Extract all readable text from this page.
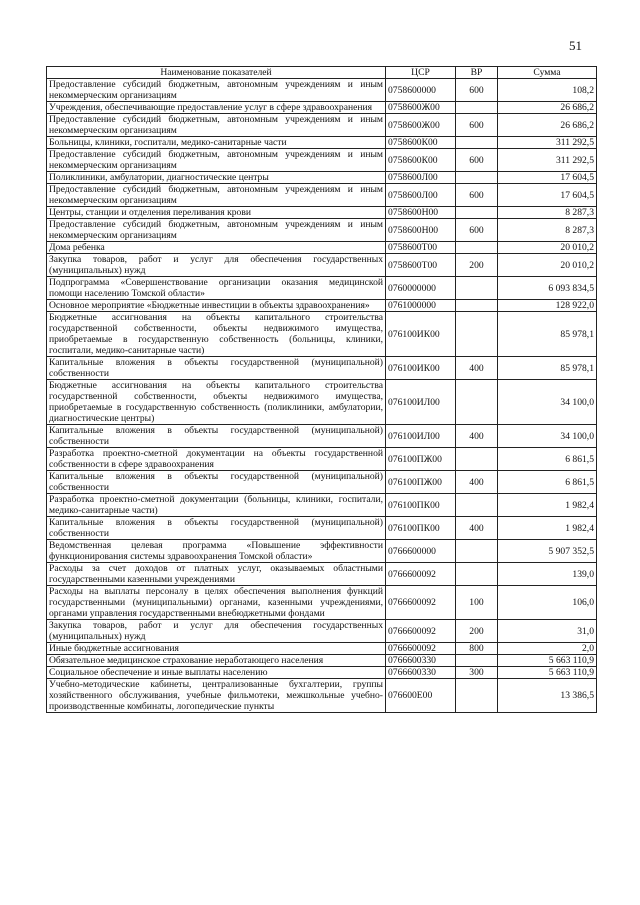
51
Наименование показателей	ЦСР	ВР	Сумма
Предоставление субсидий бюджетным, автономным учреждениям и иным некоммерческим организациям	0758600000	600	108,2
Учреждения, обеспечивающие предоставление услуг в сфере здравоохранения	0758600Ж00		26 686,2
Предоставление субсидий бюджетным, автономным учреждениям и иным некоммерческим организациям	0758600Ж00	600	26 686,2
Больницы, клиники, госпитали, медико-санитарные части	0758600К00		311 292,5
Предоставление субсидий бюджетным, автономным учреждениям и иным некоммерческим организациям	0758600К00	600	311 292,5
Поликлиники, амбулатории, диагностические центры	0758600Л00		17 604,5
Предоставление субсидий бюджетным, автономным учреждениям и иным некоммерческим организациям	0758600Л00	600	17 604,5
Центры, станции и отделения переливания крови	0758600Н00		8 287,3
Предоставление субсидий бюджетным, автономным учреждениям и иным некоммерческим организациям	0758600Н00	600	8 287,3
Дома ребенка	0758600Т00		20 010,2
Закупка товаров, работ и услуг для обеспечения государственных (муниципальных) нужд	0758600Т00	200	20 010,2
Подпрограмма «Совершенствование организации оказания медицинской помощи населению Томской области»	0760000000		6 093 834,5
Основное мероприятие «Бюджетные инвестиции в объекты здравоохранения»	0761000000		128 922,0
Бюджетные ассигнования на объекты капитального строительства государственной собственности, объекты недвижимого имущества, приобретаемые в государственную собственность (больницы, клиники, госпитали, медико-санитарные части)	076100ИК00		85 978,1
Капитальные вложения в объекты государственной (муниципальной) собственности	076100ИК00	400	85 978,1
Бюджетные ассигнования на объекты капитального строительства государственной собственности, объекты недвижимого имущества, приобретаемые в государственную собственность (поликлиники, амбулатории, диагностические центры)	076100ИЛ00		34 100,0
Капитальные вложения в объекты государственной (муниципальной) собственности	076100ИЛ00	400	34 100,0
Разработка проектно-сметной документации на объекты государственной собственности в сфере здравоохранения	076100ПЖ00		6 861,5
Капитальные вложения в объекты государственной (муниципальной) собственности	076100ПЖ00	400	6 861,5
Разработка проектно-сметной документации (больницы, клиники, госпитали, медико-санитарные части)	076100ПК00		1 982,4
Капитальные вложения в объекты государственной (муниципальной) собственности	076100ПК00	400	1 982,4
Ведомственная целевая программа «Повышение эффективности функционирования системы здравоохранения Томской области»	0766600000		5 907 352,5
Расходы за счет доходов от платных услуг, оказываемых областными государственными казенными учреждениями	0766600092		139,0
Расходы на выплаты персоналу в целях обеспечения выполнения функций государственными (муниципальными) органами, казенными учреждениями, органами управления государственными внебюджетными фондами	0766600092	100	106,0
Закупка товаров, работ и услуг для обеспечения государственных (муниципальных) нужд	0766600092	200	31,0
Иные бюджетные ассигнования	0766600092	800	2,0
Обязательное медицинское страхование неработающего населения	0766600330		5 663 110,9
Социальное обеспечение и иные выплаты населению	0766600330	300	5 663 110,9
Учебно-методические кабинеты, централизованные бухгалтерии, группы хозяйственного обслуживания, учебные фильмотеки, межшкольные учебно-производственные комбинаты, логопедические пункты	076600Е00		13 386,5
